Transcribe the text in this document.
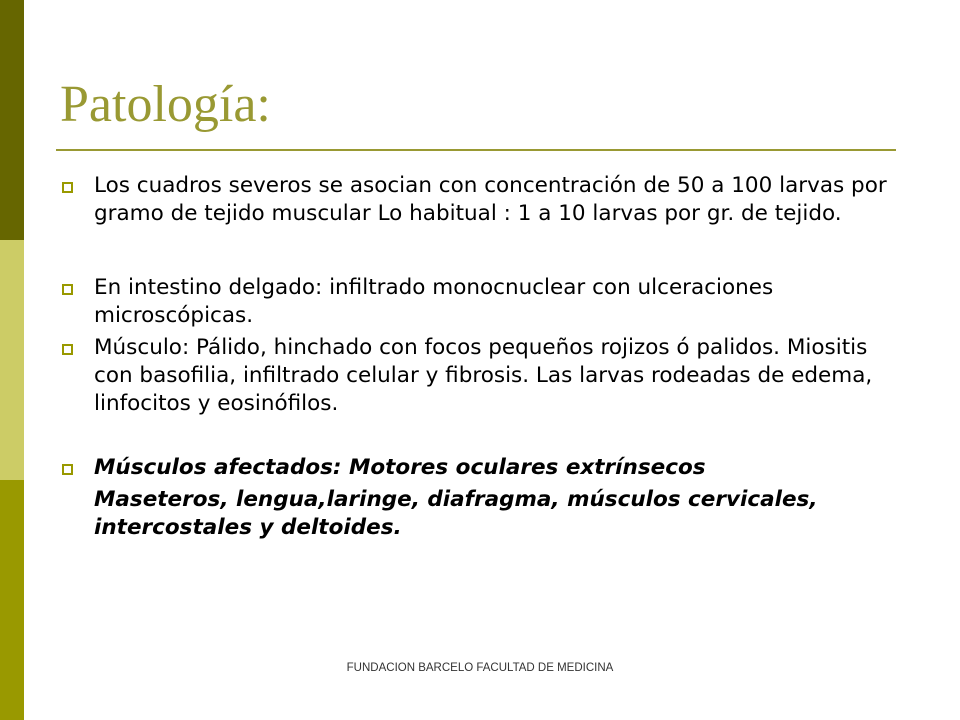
Patología:
Los cuadros severos se asocian con concentración de 50 a 100 larvas por gramo de tejido muscular Lo habitual : 1 a 10 larvas por gr. de tejido.
En intestino delgado: infiltrado monocnuclear con ulceraciones microscópicas.
Músculo: Pálido, hinchado con focos pequeños rojizos ó palidos. Miositis con basofilia, infiltrado celular y fibrosis. Las larvas rodeadas de edema, linfocitos y eosinófilos.
Músculos afectados: Motores oculares extrínsecos
Maseteros, lengua,laringe, diafragma, músculos cervicales, intercostales y deltoides.
FUNDACION BARCELO FACULTAD DE MEDICINA
